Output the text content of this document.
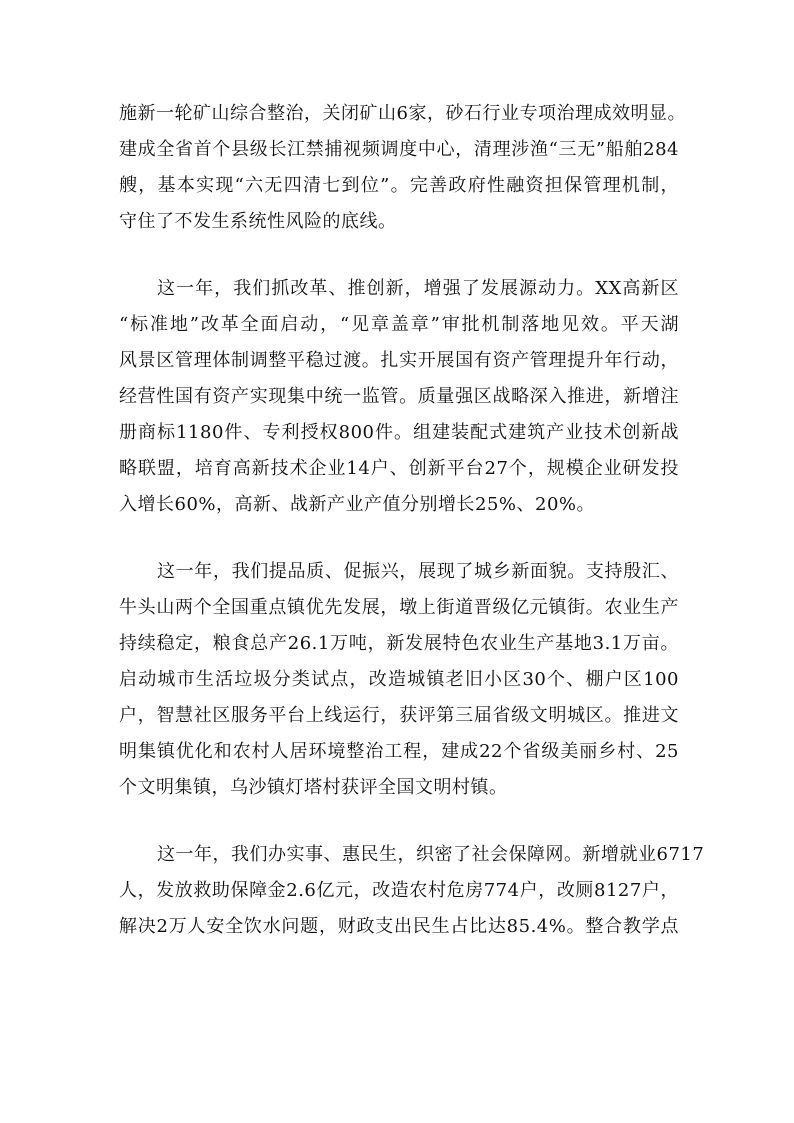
施新一轮矿山综合整治，关闭矿山6家，砂石行业专项治理成效明显。
建成全省首个县级长江禁捕视频调度中心，清理涉渔“三无”船舶284
艘，基本实现“六无四清七到位”。完善政府性融资担保管理机制，
守住了不发生系统性风险的底线。
这一年，我们抓改革、推创新，增强了发展源动力。XX高新区
“标准地”改革全面启动，“见章盖章”审批机制落地见效。平天湖
风景区管理体制调整平稳过渡。扎实开展国有资产管理提升年行动，
经营性国有资产实现集中统一监管。质量强区战略深入推进，新增注
册商标1180件、专利授权800件。组建装配式建筑产业技术创新战
略联盟，培育高新技术企业14户、创新平台27个，规模企业研发投
入增长60%，高新、战新产业产值分别增长25%、20%。
这一年，我们提品质、促振兴，展现了城乡新面貌。支持殷汇、
牛头山两个全国重点镇优先发展，墩上街道晋级亿元镇街。农业生产
持续稳定，粮食总产26.1万吨，新发展特色农业生产基地3.1万亩。
启动城市生活垃圾分类试点，改造城镇老旧小区30个、棚户区100
户，智慧社区服务平台上线运行，获评第三届省级文明城区。推进文
明集镇优化和农村人居环境整治工程，建成22个省级美丽乡村、25
个文明集镇，乌沙镇灯塔村获评全国文明村镇。
这一年，我们办实事、惠民生，织密了社会保障网。新增就业6717
人，发放救助保障金2.6亿元，改造农村危房774户，改厕8127户，
解决2万人安全饮水问题，财政支出民生占比达85.4%。整合教学点
